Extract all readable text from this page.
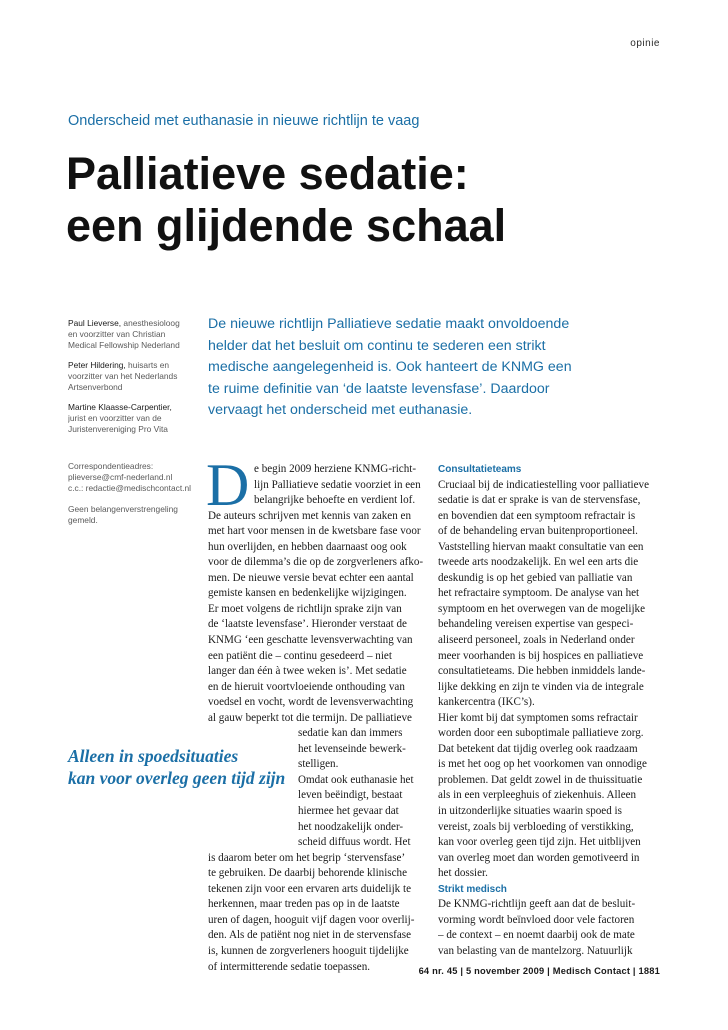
opinie
Onderscheid met euthanasie in nieuwe richtlijn te vaag
Palliatieve sedatie:
een glijdende schaal
Paul Lieverse, anesthesioloog
en voorzitter van Christian
Medical Fellowship Nederland
Peter Hildering, huisarts en
voorzitter van het Nederlands
Artsenverbond
Martine Klaasse-Carpentier,
jurist en voorzitter van de
Juristenvereniging Pro Vita
Correspondentieadres:
plieverse@cmf-nederland.nl
c.c.: redactie@medischcontact.nl
Geen belangenverstrengeling
gemeld.
De nieuwe richtlijn Palliatieve sedatie maakt onvoldoende
helder dat het besluit om continu te sederen een strikt
medische aangelegenheid is. Ook hanteert de KNMG een
te ruime definitie van ‘de laatste levensfase’. Daardoor
vervaagt het onderscheid met euthanasie.
Alleen in spoedsituaties
kan voor overleg geen tijd zijn
D e begin 2009 herziene KNMG-richt-
lijn Palliatieve sedatie voorziet in een
belangrijke behoefte en verdient lof.
De auteurs schrijven met kennis van zaken en
met hart voor mensen in de kwetsbare fase voor
hun overlijden, en hebben daarnaast oog ook
voor de dilemma’s die op de zorgverleners afko-
men. De nieuwe versie bevat echter een aantal
gemiste kansen en bedenkelijke wijzigingen.
Er moet volgens de richtlijn sprake zijn van
de ‘laatste levensfase’. Hieronder verstaat de
KNMG ‘een geschatte levensverwachting van
een patiënt die – continu gesedeerd – niet
langer dan één à twee weken is’. Met sedatie
en de hieruit voortvloeiende onthouding van
voedsel en vocht, wordt de levensverwachting
al gauw beperkt tot die termijn. De palliatieve
sedatie kan dan immers
het levenseinde bewerk-
stelligen.
Omdat ook euthanasie het
leven beëindigt, bestaat
hiermee het gevaar dat
het noodzakelijk onder-
scheid diffuus wordt. Het
is daarom beter om het begrip ‘stervensfase’
te gebruiken. De daarbij behorende klinische
tekenen zijn voor een ervaren arts duidelijk te
herkennen, maar treden pas op in de laatste
uren of dagen, hooguit vijf dagen voor overlij-
den. Als de patiënt nog niet in de stervensfase
is, kunnen de zorgverleners hooguit tijdelijke
of intermitterende sedatie toepassen.
Consultatieteams
Cruciaal bij de indicatiestelling voor palliatieve
sedatie is dat er sprake is van de stervensfase,
en bovendien dat een symptoom refractair is
of de behandeling ervan buitenproportioneel.
Vaststelling hiervan maakt consultatie van een
tweede arts noodzakelijk. En wel een arts die
deskundig is op het gebied van palliatie van
het refractaire symptoom. De analyse van het
symptoom en het overwegen van de mogelijke
behandeling vereisen expertise van gespeci-
aliseerd personeel, zoals in Nederland onder
meer voorhanden is bij hospices en palliatieve
consultatieteams. Die hebben inmiddels lande-
lijke dekking en zijn te vinden via de integrale
kankercentra (IKC’s).
Hier komt bij dat symptomen soms refractair
worden door een suboptimale palliatieve zorg.
Dat betekent dat tijdig overleg ook raadzaam
is met het oog op het voorkomen van onnodige
problemen. Dat geldt zowel in de thuissituatie
als in een verpleeghuis of ziekenhuis. Alleen
in uitzonderlijke situaties waarin spoed is
vereist, zoals bij verbloeding of verstikking,
kan voor overleg geen tijd zijn. Het uitblijven
van overleg moet dan worden gemotiveerd in
het dossier.
Strikt medisch
De KNMG-richtlijn geeft aan dat de besluit-
vorming wordt beïnvloed door vele factoren
– de context – en noemt daarbij ook de mate
van belasting van de mantelzorg. Natuurlijk
64 nr. 45 | 5 november 2009 | Medisch Contact | 1881
